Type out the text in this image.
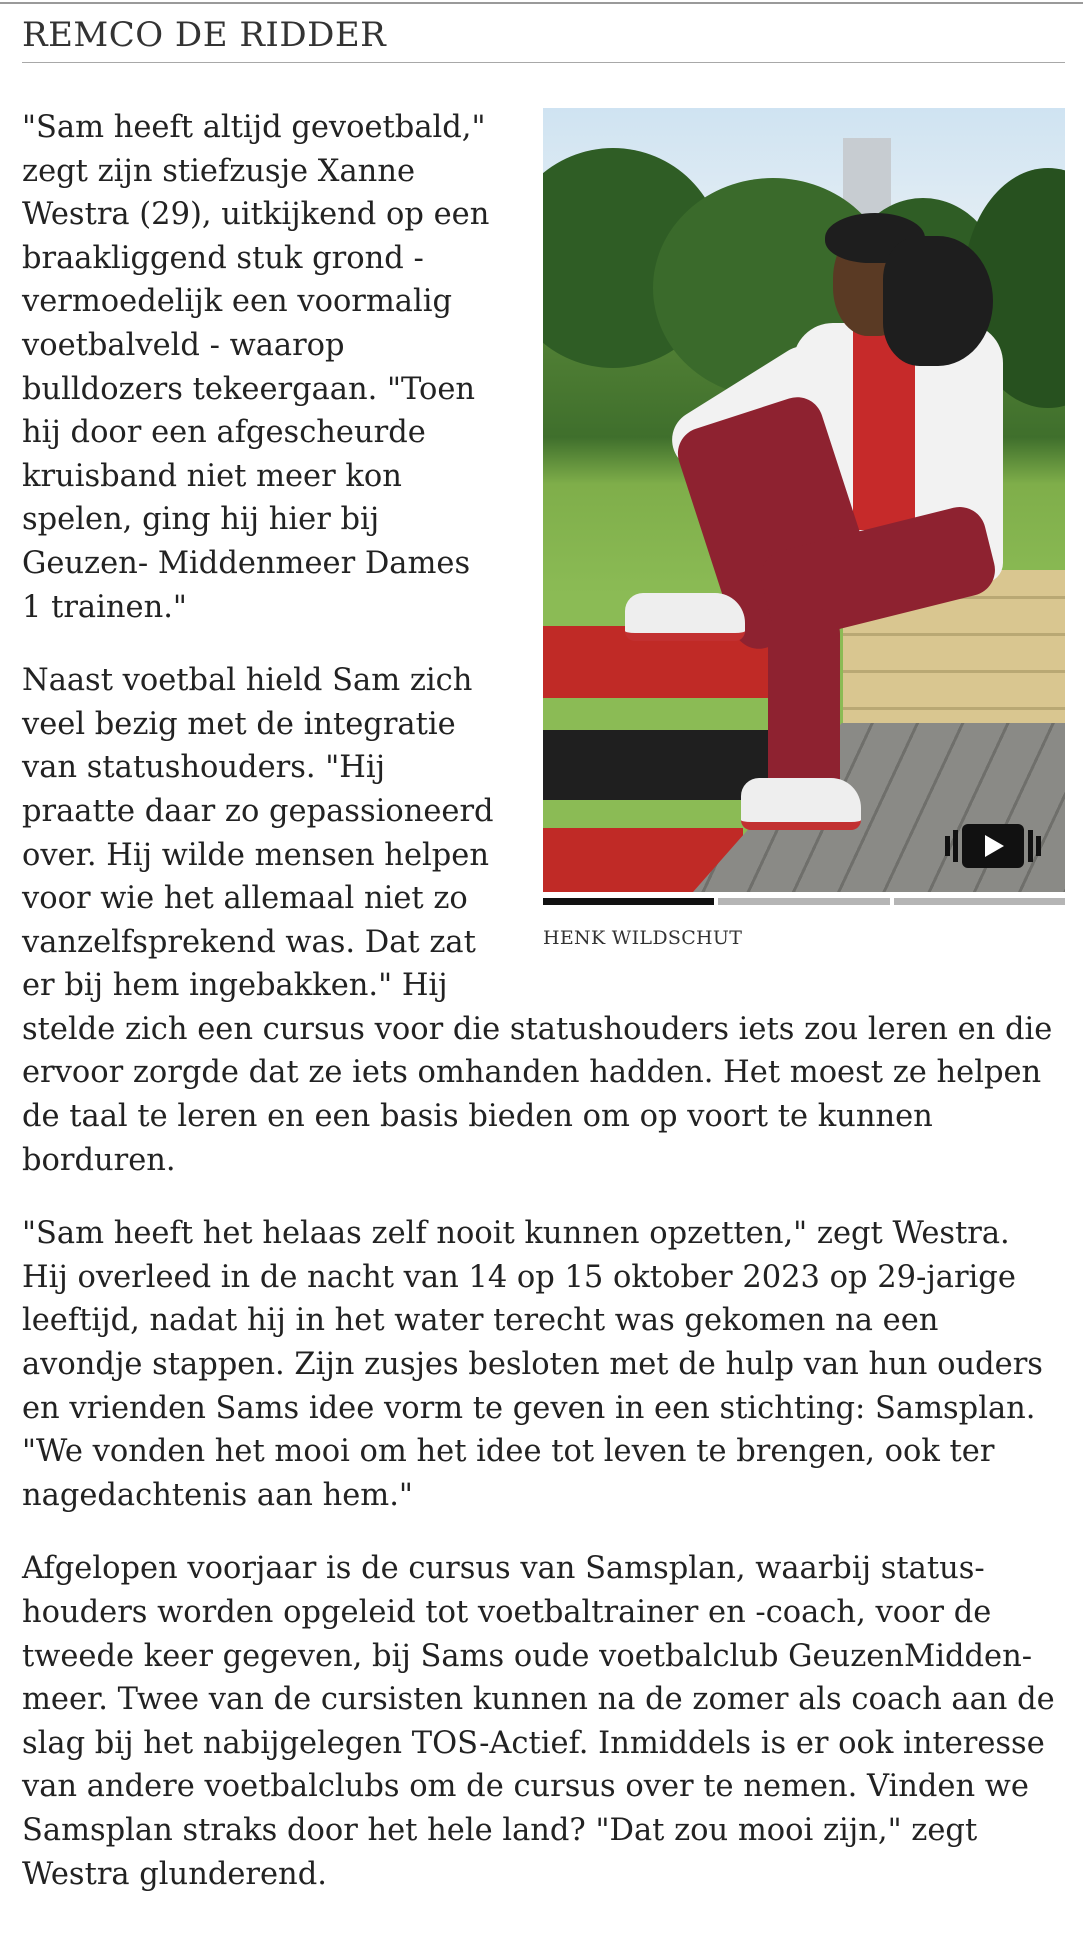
REMCO DE RIDDER
HENK WILDSCHUT

"Sam heeft altijd gevoetbald," zegt zijn stiefzusje Xanne Westra (29), uitkijkend op een braakliggend stuk grond - vermoedelijk een voormalig voetbalveld - waarop bulldozers tekeergaan. "Toen hij door een afgescheurde kruisband niet meer kon spelen, ging hij hier bij Geuzen- Middenmeer Dames 1 trainen."

Naast voetbal hield Sam zich veel bezig met de integratie van statushouders. "Hij praatte daar zo gepassioneerd over. Hij wilde mensen helpen voor wie het allemaal niet zo vanzelfsprekend was. Dat zat er bij hem ingebakken." Hij stelde zich een cursus voor die statushouders iets zou leren en die ervoor zorgde dat ze iets omhanden hadden. Het moest ze helpen de taal te leren en een basis bieden om op voort te kunnen borduren.

"Sam heeft het helaas zelf nooit kunnen opzetten," zegt Westra. Hij overleed in de nacht van 14 op 15 oktober 2023 op 29-jarige leeftijd, nadat hij in het water terecht was gekomen na een avondje stappen. Zijn zusjes besloten met de hulp van hun ouders en vrienden Sams idee vorm te geven in een stichting: Samsplan. "We vonden het mooi om het idee tot leven te brengen, ook ter nagedachtenis aan hem."

Afgelopen voorjaar is de cursus van Samsplan, waarbij statushouders worden opgeleid tot voetbaltrainer en -coach, voor de tweede keer gegeven, bij Sams oude voetbalclub GeuzenMiddenmeer. Twee van de cursisten kunnen na de zomer als coach aan de slag bij het nabijgelegen TOS-Actief. Inmiddels is er ook interesse van andere voetbalclubs om de cursus over te nemen. Vinden we Samsplan straks door het hele land? "Dat zou mooi zijn," zegt Westra glunderend.
